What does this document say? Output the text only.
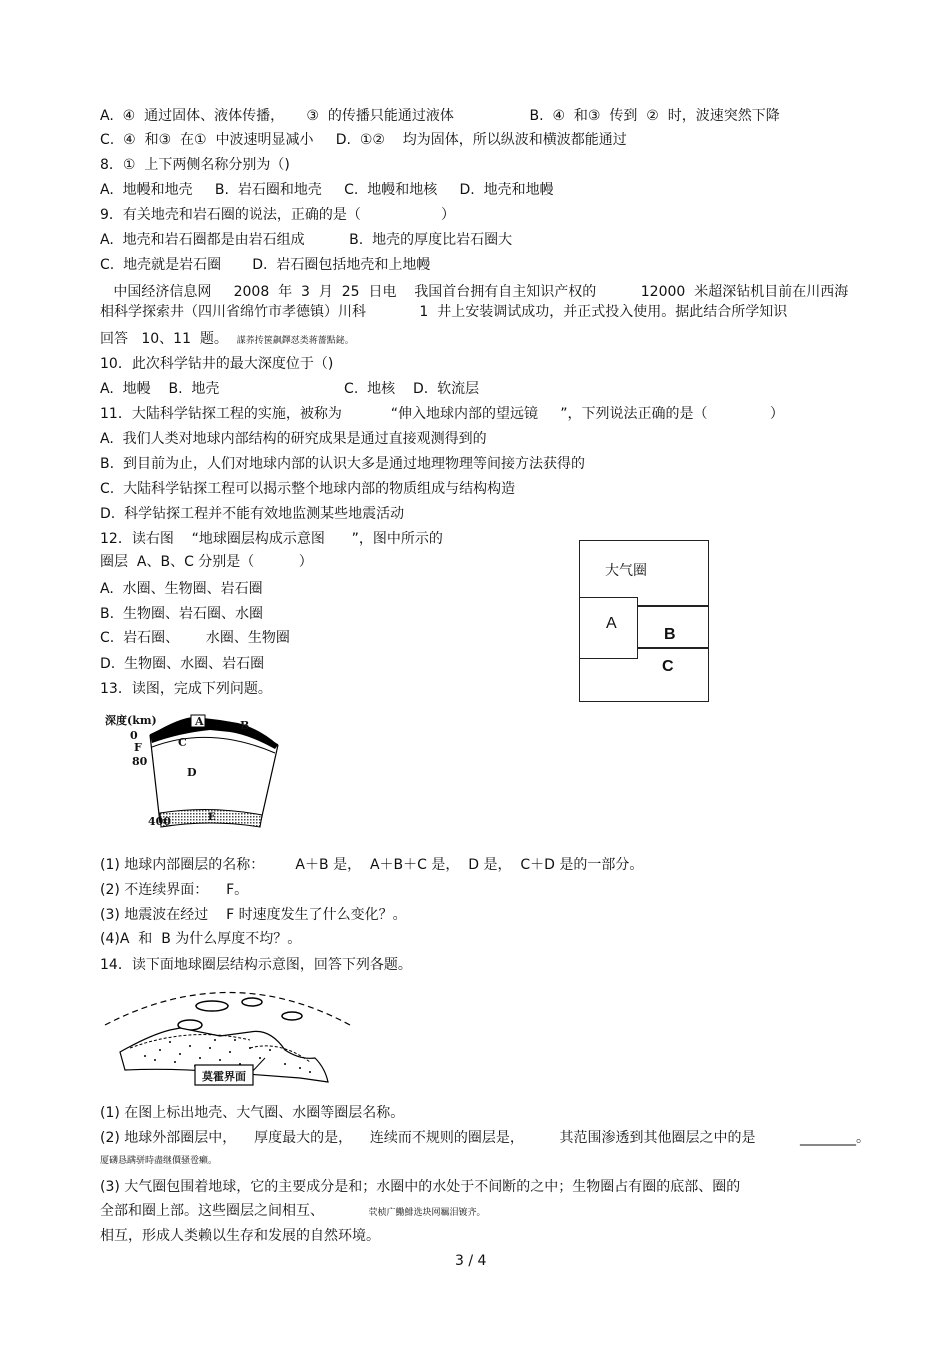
A.  ④  通过固体、液体传播，     ③  的传播只能通过液体                 B.  ④  和③  传到  ②  时，波速突然下降
C.  ④  和③  在①  中波速明显减小     D.  ①②    均为固体，所以纵波和横波都能通过
8．①  上下两侧名称分别为（)
A.  地幔和地壳     B.  岩石圈和地壳     C.  地幔和地核     D.  地壳和地幔
9．有关地壳和岩石圈的说法，正确的是（                  ）
A.  地壳和岩石圈都是由岩石组成          B.  地壳的厚度比岩石圈大
C.  地壳就是岩石圈       D.  岩石圈包括地壳和上地幔
中国经济信息网     2008  年  3  月  25  日电    我国首台拥有自主知识产权的          12000  米超深钻机目前在川西海
相科学探索井（四川省绵竹市孝德镇）川科            1  井上安装调试成功，并正式投入使用。据此结合所学知识
回答   10、11  题。 謀荞抟箧飙鐸怼类蒋薔點鉍。
10．此次科学钻井的最大深度位于（)
A.  地幔    B.  地壳                            C.  地核    D.  软流层
11．大陆科学钻探工程的实施，被称为           “伸入地球内部的望远镜     ”，下列说法正确的是（              ）
A.  我们人类对地球内部结构的研究成果是通过直接观测得到的
B.  到目前为止，人们对地球内部的认识大多是通过地理物理等间接方法获得的
C.  大陆科学钻探工程可以揭示整个地球内部的物质组成与结构构造
D.  科学钻探工程并不能有效地监测某些地震活动
12．读右图    “地球圈层构成示意图      ”，图中所示的
圈层  A、B、C 分别是（          ）
A.  水圈、生物圈、岩石圈
B.  生物圈、岩石圈、水圈
C.  岩石圈、      水圈、生物圈
D.  生物圈、水圈、岩石圈
13．读图，完成下列问题。
大气圈
A
B
C
深度(km)
0
F
80
400
A	B
C
D
E
(1) 地球内部圈层的名称：       A＋B 是，  A＋B＋C 是，  D 是，  C＋D 是的一部分。
(2) 不连续界面：    F。
(3) 地震波在经过    F 时速度发生了什么变化？。
(4)A  和  B 为什么厚度不均？。
14．读下面地球圈层结构示意图，回答下列各题。
莫霍界面
(1) 在图上标出地壳、大气圈、水圈等圈层名称。
(2) 地球外部圈层中，    厚度最大的是，    连续而不规则的圈层是，        其范围渗透到其他圈层之中的是          ________。
厦礴恳蹒骈時盡继價骚卺癩。
(3) 大气圈包围着地球，它的主要成分是和；水圈中的水处于不间断的之中；生物圈占有圈的底部、圈的
全部和圈上部。这些圈层之间相互、	茕桢广鰳鯡选块网羈泪镀齐。
相互，形成人类赖以生存和发展的自然环境。
3 / 4
